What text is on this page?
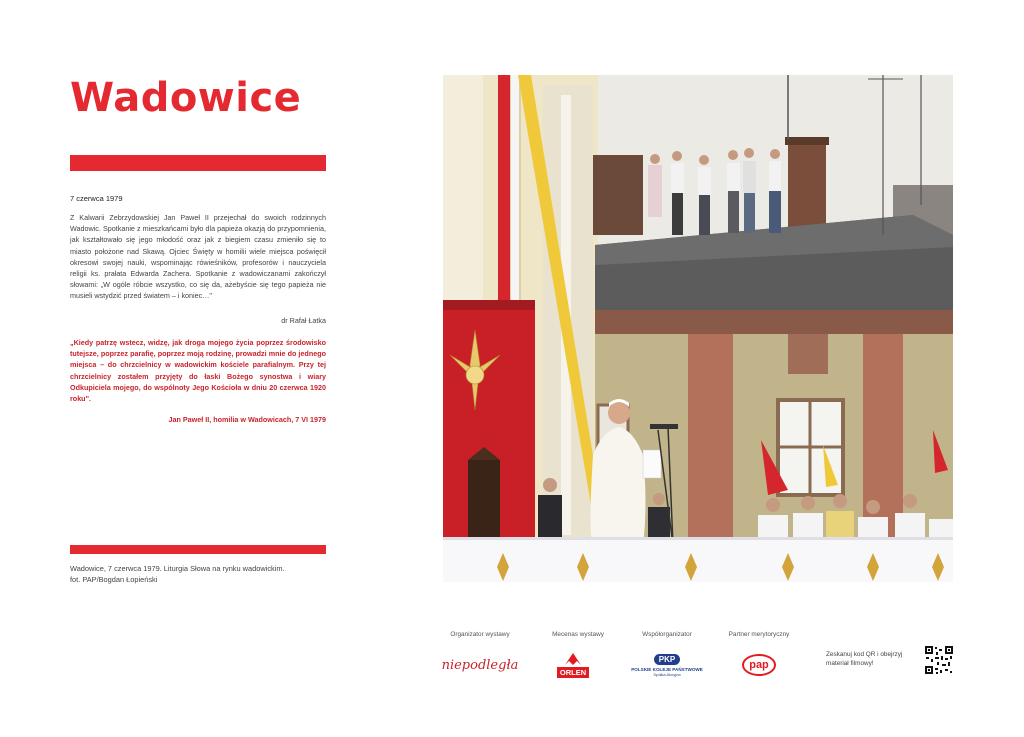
Wadowice
7 czerwca 1979
Z Kalwarii Zebrzydowskiej Jan Paweł II przejechał do swoich rodzinnych Wadowic. Spotkanie z mieszkańcami było dla papieża okazją do przypomnienia, jak kształtowało się jego młodość oraz jak z biegiem czasu zmieniło się to miasto położone nad Skawą. Ojciec Święty w homilii wiele miejsca poświęcił okresowi swojej nauki, wspominając rówieśników, profesorów i nauczyciela religii ks. prałata Edwarda Zachera. Spotkanie z wadowiczanami zakończył słowami: „W ogóle róbcie wszystko, co się da, ażebyście się tego papieża nie musieli wstydzić przed światem – i koniec…"
dr Rafał Łatka
„Kiedy patrzę wstecz, widzę, jak droga mojego życia poprzez środowisko tutejsze, poprzez parafię, poprzez moją rodzinę, prowadzi mnie do jednego miejsca – do chrzcielnicy w wadowickim kościele parafialnym. Przy tej chrzcielnicy zostałem przyjęty do łaski Bożego synostwa i wiary Odkupiciela mojego, do wspólnoty Jego Kościoła w dniu 20 czerwca 1920 roku".
Jan Paweł II, homilia w Wadowicach, 7 VI 1979
Wadowice, 7 czerwca 1979. Liturgia Słowa na rynku wadowickim.
fot. PAP/Bogdan Łopieński
Organizator wystawy
niepodległa
Mecenas wystawy
ORLEN
Współorganizator
PKP
POLSKIE KOLEJE PAŃSTWOWE
Spółka Akcyjna
Partner merytoryczny
pap
Zeskanuj kod QR i obejrzyj materiał filmowy!
